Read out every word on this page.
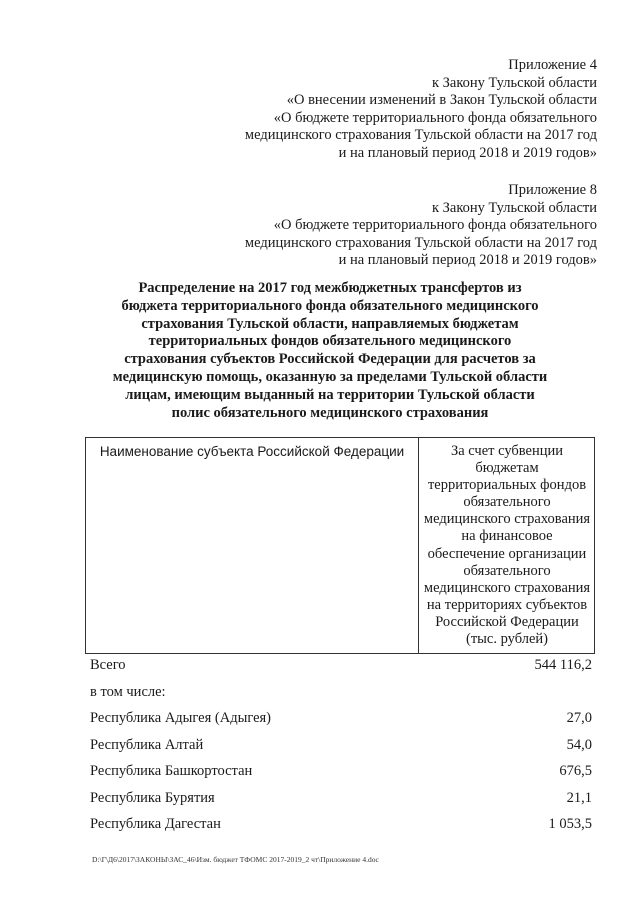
Приложение 4
к Закону Тульской области
«О внесении изменений в Закон Тульской области
«О бюджете территориального фонда обязательного
медицинского страхования Тульской области на 2017 год
и на плановый период 2018 и 2019 годов»
Приложение 8
к Закону Тульской области
«О бюджете территориального фонда обязательного
медицинского страхования Тульской области на 2017 год
и на плановый период 2018 и 2019 годов»
Распределение на 2017 год межбюджетных трансфертов из
бюджета территориального фонда обязательного медицинского
страхования Тульской области, направляемых бюджетам
территориальных фондов обязательного медицинского
страхования субъектов Российской Федерации для расчетов за
медицинскую помощь, оказанную за пределами Тульской области
лицам, имеющим выданный на территории Тульской области
полис обязательного медицинского страхования
Наименование субъекта Российской Федерации	За счет субвенции
бюджетам
территориальных фондов
обязательного
медицинского страхования
на финансовое
обеспечение организации
обязательного
медицинского страхования
на территориях субъектов
Российской Федерации
(тыс. рублей)
Всего	544 116,2
в том числе:
Республика Адыгея (Адыгея)	27,0
Республика Алтай	54,0
Республика Башкортостан	676,5
Республика Бурятия	21,1
Республика Дагестан	1 053,5
D:\Г\Д6\2017\ЗАКОНЫ\ЗАС_46\Изм. бюджет ТФОМС 2017-2019_2 чт\Приложение 4.doc
